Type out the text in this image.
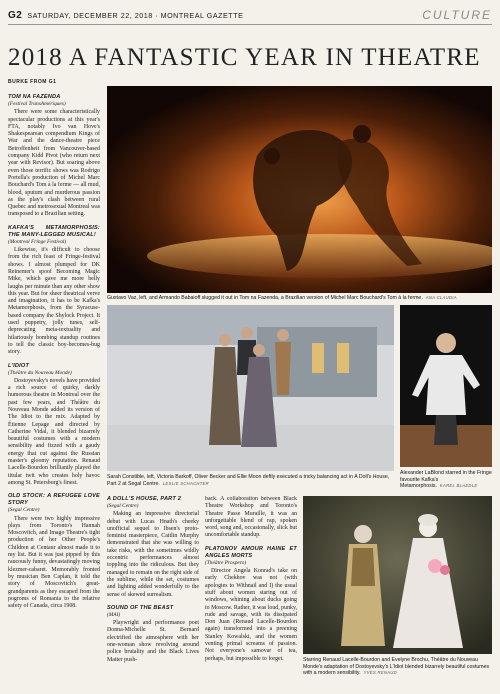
G2 SATURDAY, DECEMBER 22, 2018 · MONTREAL GAZETTE	CULTURE
2018 A FANTASTIC YEAR IN THEATRE
BURKE FROM G1
TOM NA FAZENDA
(Festival TransAmériques)

There were some characteristically spectacular productions at this year's FTA, notably Ivo van Hove's Shakespearean compendium Kings of War and the dance-theatre piece Betroffenheit from Vancouver-based company Kidd Pivot (who return next year with Revisor). But soaring above even those terrific shows was Rodrigo Portella's production of Michel Marc Bouchard's Tom à la ferme — all mud, blood, sputum and murderous passion as the play's clash between rural Quebec and metrosexual Montreal was transposed to a Brazilian setting.

KAFKA'S METAMORPHOSIS: THE MANY-LEGGED MUSICAL!
(Montreal Fringe Festival)

Likewise, it's difficult to choose from the rich feast of Fringe-festival shows. I almost plumped for DK Reinemer's spoof Becoming Magic Mike, which gave me more belly laughs per minute than any other show this year. But for sheer theatrical verve and imagination, it has to be Kafka's Metamorphosis, from the Syracuse-based company the Shylock Project. It used puppetry, jolly tunes, self-deprecating meta-textuality and hilariously bombing standup routines to tell the classic boy-becomes-bug story.

L'IDIOT
(Théâtre du Nouveau Monde)

Dostoyevsky's novels have provided a rich source of quirky, darkly humorous theatre in Montreal over the past few years, and Théâtre du Nouveau Monde added its version of The Idiot to the mix. Adapted by Étienne Lepage and directed by Catherine Vidal, it blended bizarrely beautiful costumes with a modern sensibility and fizzed with a gaudy energy that cut against the Russian master's gloomy reputation. Renaud Lacelle-Bourdon brilliantly played the titular twit who creates holy havoc among St. Petersburg's finest.

OLD STOCK: A REFUGEE LOVE STORY
(Segal Centre)

There were two highly impressive plays from Toronto's Hannah Moscovitch, and Imago Theatre's tight production of her Other People's Children at Centaur almost made it to my list. But it was just pipped by this raucously funny, devastatingly moving klezmer-cabaret. Memorably fronted by musician Ben Caplan, it told the story of Moscovitch's great-grandparents as they escaped from the pogroms of Romania to the relative safety of Canada, circa 1908.

Gustavo Vaz, left, and Armando Babaioff slugged it out in Tom na Fazenda, a Brazilian version of Michel Marc Bouchard's Tom à la ferme. ANA CLAUDIA
Sarah Constible, left, Victoria Barkoff, Oliver Becker and Ellie Moon deftly executed a tricky balancing act in A Doll's House, Part 2 at Segal Centre. LESLIE SCHACHTER
Alexander LaBlond starred in the Fringe favourite Kafka's Metamorphosis. KAREL BLAEDLE
A DOLL'S HOUSE, PART 2
(Segal Centre)

Making an impressive directorial debut with Lucas Hnath's cheeky unofficial sequel to Ibsen's proto-feminist masterpiece, Caitlin Murphy demonstrated that she was willing to take risks, with the sometimes wildly eccentric performances almost toppling into the ridiculous. But they managed to remain on the right side of the sublime, while the set, costumes and lighting added wonderfully to the sense of skewed surrealism.

SOUND OF THE BEAST
(MAI)

Playwright and performance poet Donna-Michelle St. Bernard electrified the atmosphere with her one-woman show revolving around police brutality and the Black Lives Matter push-

back. A collaboration between Black Theatre Workshop and Toronto's Theatre Passe Muraille, it was an unforgettable blend of rap, spoken word, song and, occasionally, slick but uncomfortable standup.

PLATONOV AMOUR HAINE ET ANGLES MORTS
(Théâtre Prospero)

Director Angela Konrad's take on early Chekhov was not (with apologies to Withnail and I) the usual stuff about women staring out of windows, whining about ducks going to Moscow. Rather, it was loud, punky, rude and savage, with its dissipated Don Juan (Renaud Lacelle-Bourdon again) transformed into a preening Stanley Kowalski, and the women venting primal screams of passion. Not everyone's samovar of tea, perhaps, but impossible to forget.	Starring Renaud Lacelle-Bourdon and Evelyne Brochu, Théâtre du Nouveau Monde's adaptation of Dostoyevsky's L'Idiot blended bizarrely beautiful costumes with a modern sensibility. YVES RENAUD
